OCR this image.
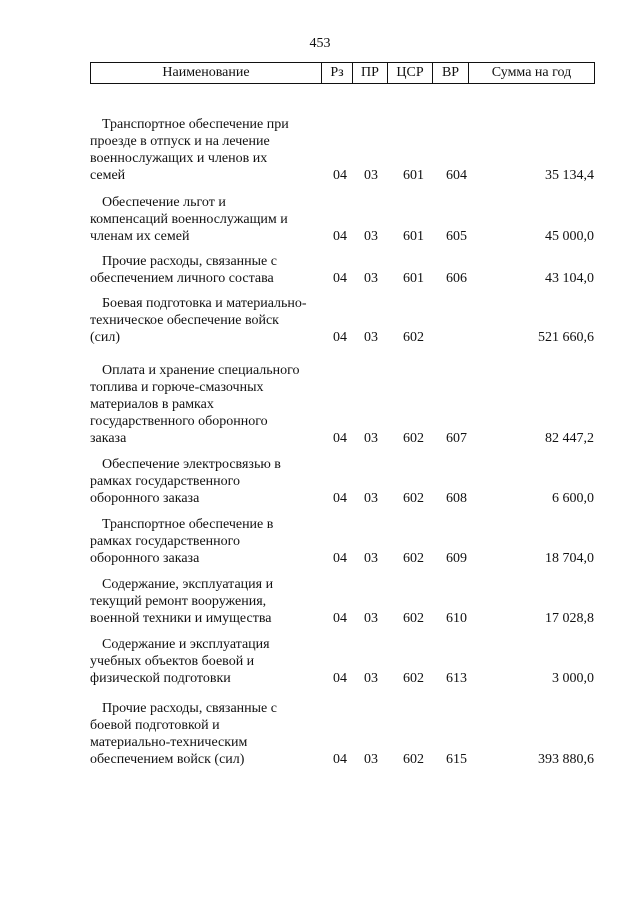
453
Наименование	Рз	ПР	ЦСР	ВР	Сумма на год
Транспортное обеспечение при
проезде в отпуск и на лечение
военнослужащих и членов их
семей	04 03 601 604	35 134,4
Обеспечение льгот и
компенсаций военнослужащим и
членам их семей	04 03 601 605	45 000,0
Прочие расходы, связанные с
обеспечением личного состава	04 03 601 606	43 104,0
Боевая подготовка и материально-
техническое обеспечение войск
(сил)	04 03 602	521 660,6
Оплата и хранение специального
топлива и горюче-смазочных
материалов в рамках
государственного оборонного
заказа	04 03 602 607	82 447,2
Обеспечение электросвязью в
рамках государственного
оборонного заказа	04 03 602 608	6 600,0
Транспортное обеспечение в
рамках государственного
оборонного заказа	04 03 602 609	18 704,0
Содержание, эксплуатация и
текущий ремонт вооружения,
военной техники и имущества	04 03 602 610	17 028,8
Содержание и эксплуатация
учебных объектов боевой и
физической подготовки	04 03 602 613	3 000,0
Прочие расходы, связанные с
боевой подготовкой и
материально-техническим
обеспечением войск (сил)	04 03 602 615	393 880,6
